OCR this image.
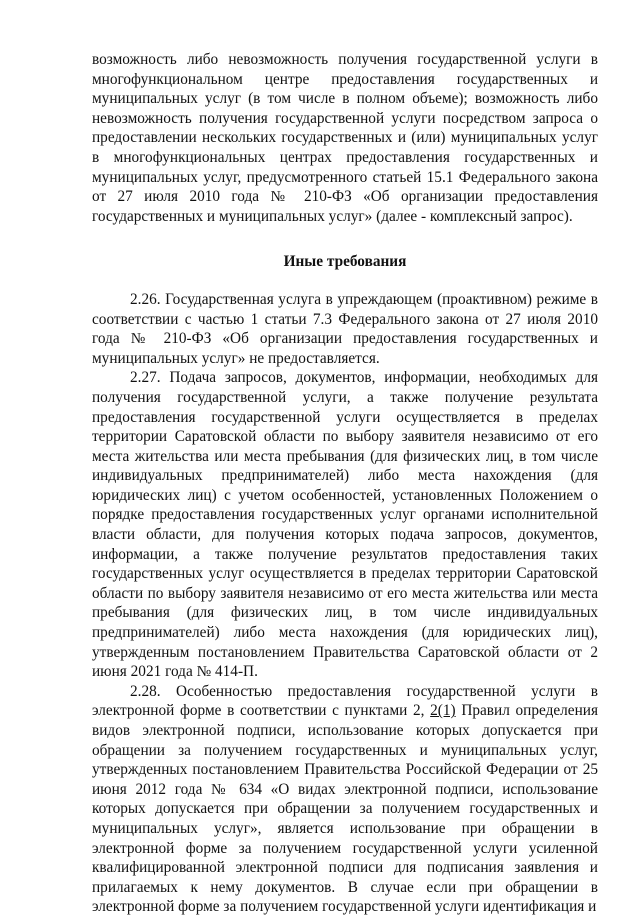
возможность либо невозможность получения государственной услуги в многофункциональном центре предоставления государственных и муниципальных услуг (в том числе в полном объеме); возможность либо невозможность получения государственной услуги посредством запроса о предоставлении нескольких государственных и (или) муниципальных услуг в многофункциональных центрах предоставления государственных и муниципальных услуг, предусмотренного статьей 15.1 Федерального закона от 27 июля 2010 года № 210-ФЗ «Об организации предоставления государственных и муниципальных услуг» (далее - комплексный запрос).

Иные требования

2.26. Государственная услуга в упреждающем (проактивном) режиме в соответствии с частью 1 статьи 7.3 Федерального закона от 27 июля 2010 года № 210-ФЗ «Об организации предоставления государственных и муниципальных услуг» не предоставляется.

2.27. Подача запросов, документов, информации, необходимых для получения государственной услуги, а также получение результата предоставления государственной услуги осуществляется в пределах территории Саратовской области по выбору заявителя независимо от его места жительства или места пребывания (для физических лиц, в том числе индивидуальных предпринимателей) либо места нахождения (для юридических лиц) с учетом особенностей, установленных Положением о порядке предоставления государственных услуг органами исполнительной власти области, для получения которых подача запросов, документов, информации, а также получение результатов предоставления таких государственных услуг осуществляется в пределах территории Саратовской области по выбору заявителя независимо от его места жительства или места пребывания (для физических лиц, в том числе индивидуальных предпринимателей) либо места нахождения (для юридических лиц), утвержденным постановлением Правительства Саратовской области от 2 июня 2021 года № 414-П.

2.28. Особенностью предоставления государственной услуги в электронной форме в соответствии с пунктами 2, 2(1) Правил определения видов электронной подписи, использование которых допускается при обращении за получением государственных и муниципальных услуг, утвержденных постановлением Правительства Российской Федерации от 25 июня 2012 года № 634 «О видах электронной подписи, использование которых допускается при обращении за получением государственных и муниципальных услуг», является использование при обращении в электронной форме за получением государственной услуги усиленной квалифицированной электронной подписи для подписания заявления и прилагаемых к нему документов. В случае если при обращении в электронной форме за получением государственной услуги идентификация и
